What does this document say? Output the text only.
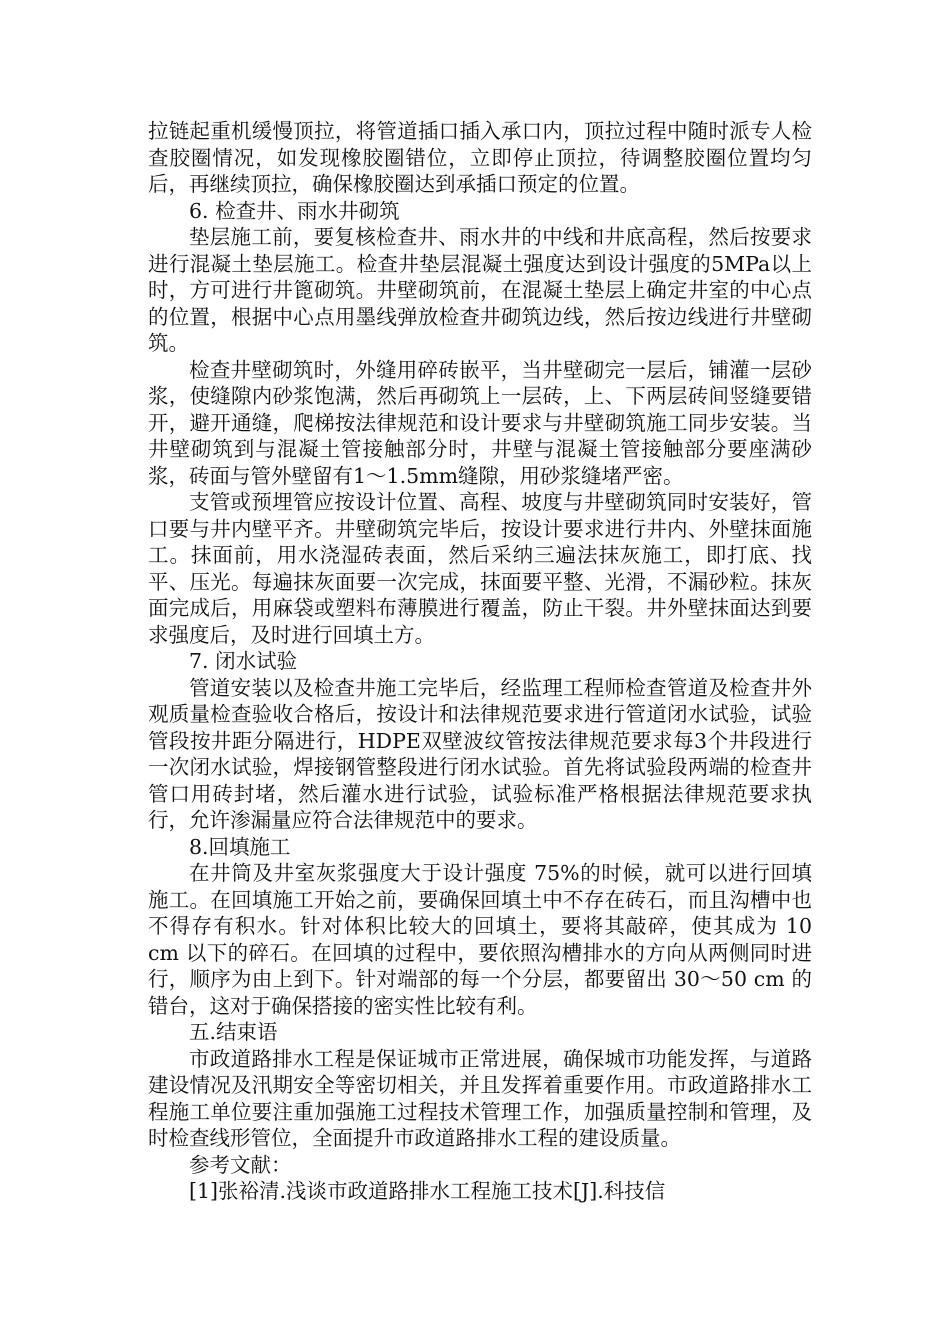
拉链起重机缓慢顶拉，将管道插口插入承口内，顶拉过程中随时派专人检查胶圈情况，如发现橡胶圈错位，立即停止顶拉，待调整胶圈位置均匀后，再继续顶拉，确保橡胶圈达到承插口预定的位置。

6. 检查井、雨水井砌筑

垫层施工前，要复核检查井、雨水井的中线和井底高程，然后按要求进行混凝土垫层施工。检查井垫层混凝土强度达到设计强度的5MPa以上时，方可进行井篦砌筑。井壁砌筑前，在混凝土垫层上确定井室的中心点的位置，根据中心点用墨线弹放检查井砌筑边线，然后按边线进行井壁砌筑。

检查井壁砌筑时，外缝用碎砖嵌平，当井壁砌完一层后，铺灌一层砂浆，使缝隙内砂浆饱满，然后再砌筑上一层砖，上、下两层砖间竖缝要错开，避开通缝，爬梯按法律规范和设计要求与井壁砌筑施工同步安装。当井壁砌筑到与混凝土管接触部分时，井壁与混凝土管接触部分要座满砂浆，砖面与管外壁留有1～1.5mm缝隙，用砂浆缝堵严密。

支管或预埋管应按设计位置、高程、坡度与井壁砌筑同时安装好，管口要与井内壁平齐。井壁砌筑完毕后，按设计要求进行井内、外壁抹面施工。抹面前，用水浇湿砖表面，然后采纳三遍法抹灰施工，即打底、找平、压光。每遍抹灰面要一次完成，抹面要平整、光滑，不漏砂粒。抹灰面完成后，用麻袋或塑料布薄膜进行覆盖，防止干裂。井外壁抹面达到要求强度后，及时进行回填土方。

7. 闭水试验

管道安装以及检查井施工完毕后，经监理工程师检查管道及检查井外观质量检查验收合格后，按设计和法律规范要求进行管道闭水试验，试验管段按井距分隔进行，HDPE双壁波纹管按法律规范要求每3个井段进行一次闭水试验，焊接钢管整段进行闭水试验。首先将试验段两端的检查井管口用砖封堵，然后灌水进行试验，试验标准严格根据法律规范要求执行，允许渗漏量应符合法律规范中的要求。

8.回填施工

在井筒及井室灰浆强度大于设计强度 75%的时候，就可以进行回填施工。在回填施工开始之前，要确保回填土中不存在砖石，而且沟槽中也不得存有积水。针对体积比较大的回填土，要将其敲碎，使其成为 10 cm 以下的碎石。在回填的过程中，要依照沟槽排水的方向从两侧同时进行，顺序为由上到下。针对端部的每一个分层，都要留出 30～50 cm 的错台，这对于确保搭接的密实性比较有利。

五.结束语

市政道路排水工程是保证城市正常进展，确保城市功能发挥，与道路建设情况及汛期安全等密切相关，并且发挥着重要作用。市政道路排水工程施工单位要注重加强施工过程技术管理工作，加强质量控制和管理，及时检查线形管位，全面提升市政道路排水工程的建设质量。

参考文献：

[1]张裕清.浅谈市政道路排水工程施工技术[J].科技信
